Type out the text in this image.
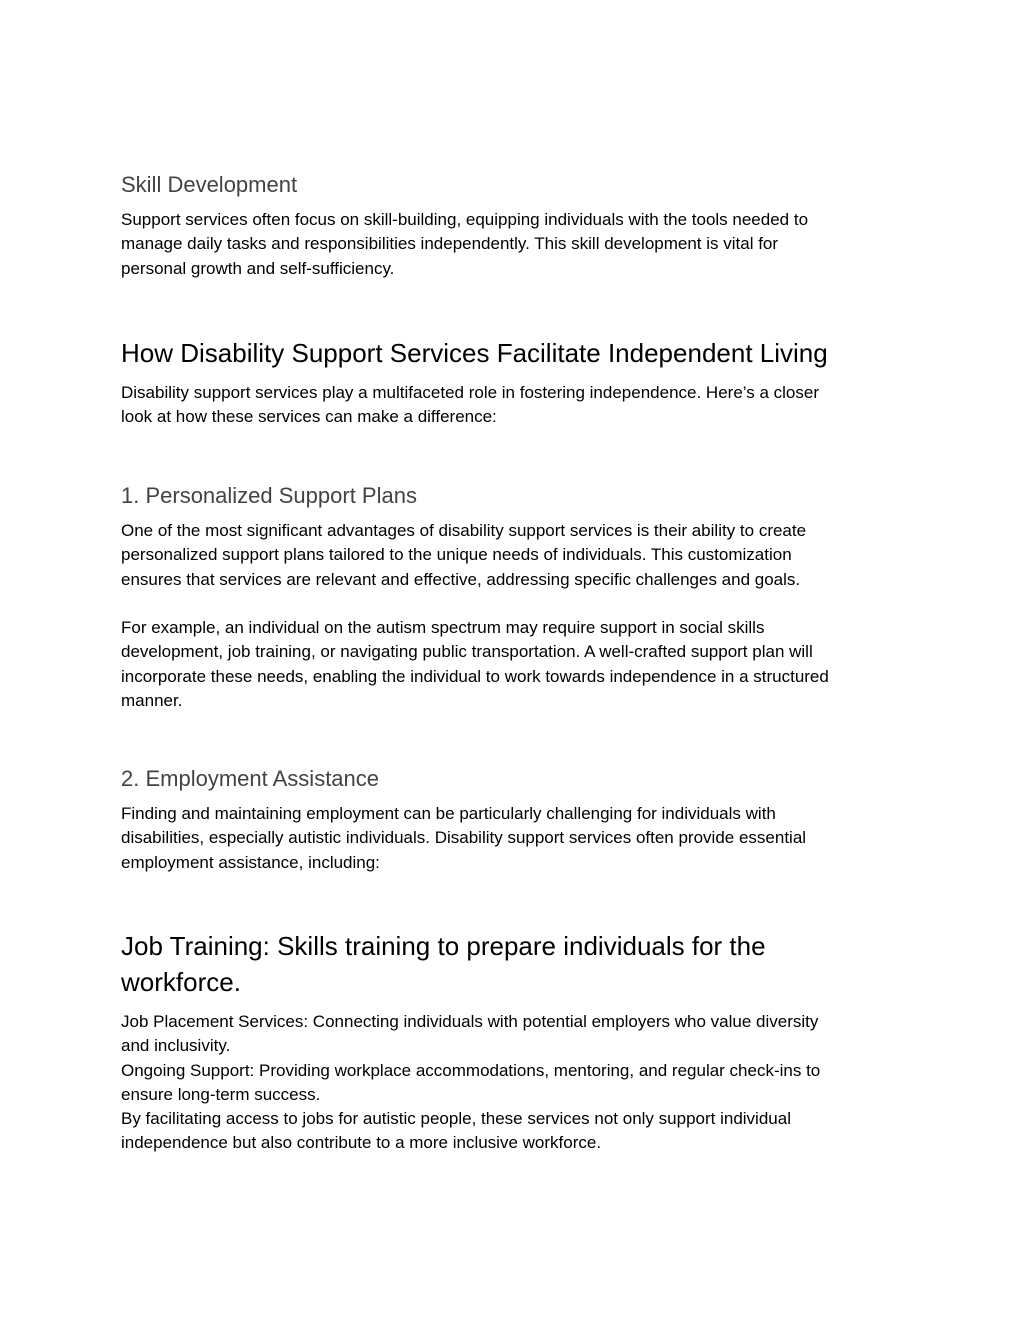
Skill Development

Support services often focus on skill-building, equipping individuals with the tools needed to
manage daily tasks and responsibilities independently. This skill development is vital for
personal growth and self-sufficiency.

How Disability Support Services Facilitate Independent Living

Disability support services play a multifaceted role in fostering independence. Here’s a closer
look at how these services can make a difference:

1. Personalized Support Plans

One of the most significant advantages of disability support services is their ability to create
personalized support plans tailored to the unique needs of individuals. This customization
ensures that services are relevant and effective, addressing specific challenges and goals.

For example, an individual on the autism spectrum may require support in social skills
development, job training, or navigating public transportation. A well-crafted support plan will
incorporate these needs, enabling the individual to work towards independence in a structured
manner.

2. Employment Assistance

Finding and maintaining employment can be particularly challenging for individuals with
disabilities, especially autistic individuals. Disability support services often provide essential
employment assistance, including:

Job Training: Skills training to prepare individuals for the
workforce.

Job Placement Services: Connecting individuals with potential employers who value diversity
and inclusivity.
Ongoing Support: Providing workplace accommodations, mentoring, and regular check-ins to
ensure long-term success.
By facilitating access to jobs for autistic people, these services not only support individual
independence but also contribute to a more inclusive workforce.
